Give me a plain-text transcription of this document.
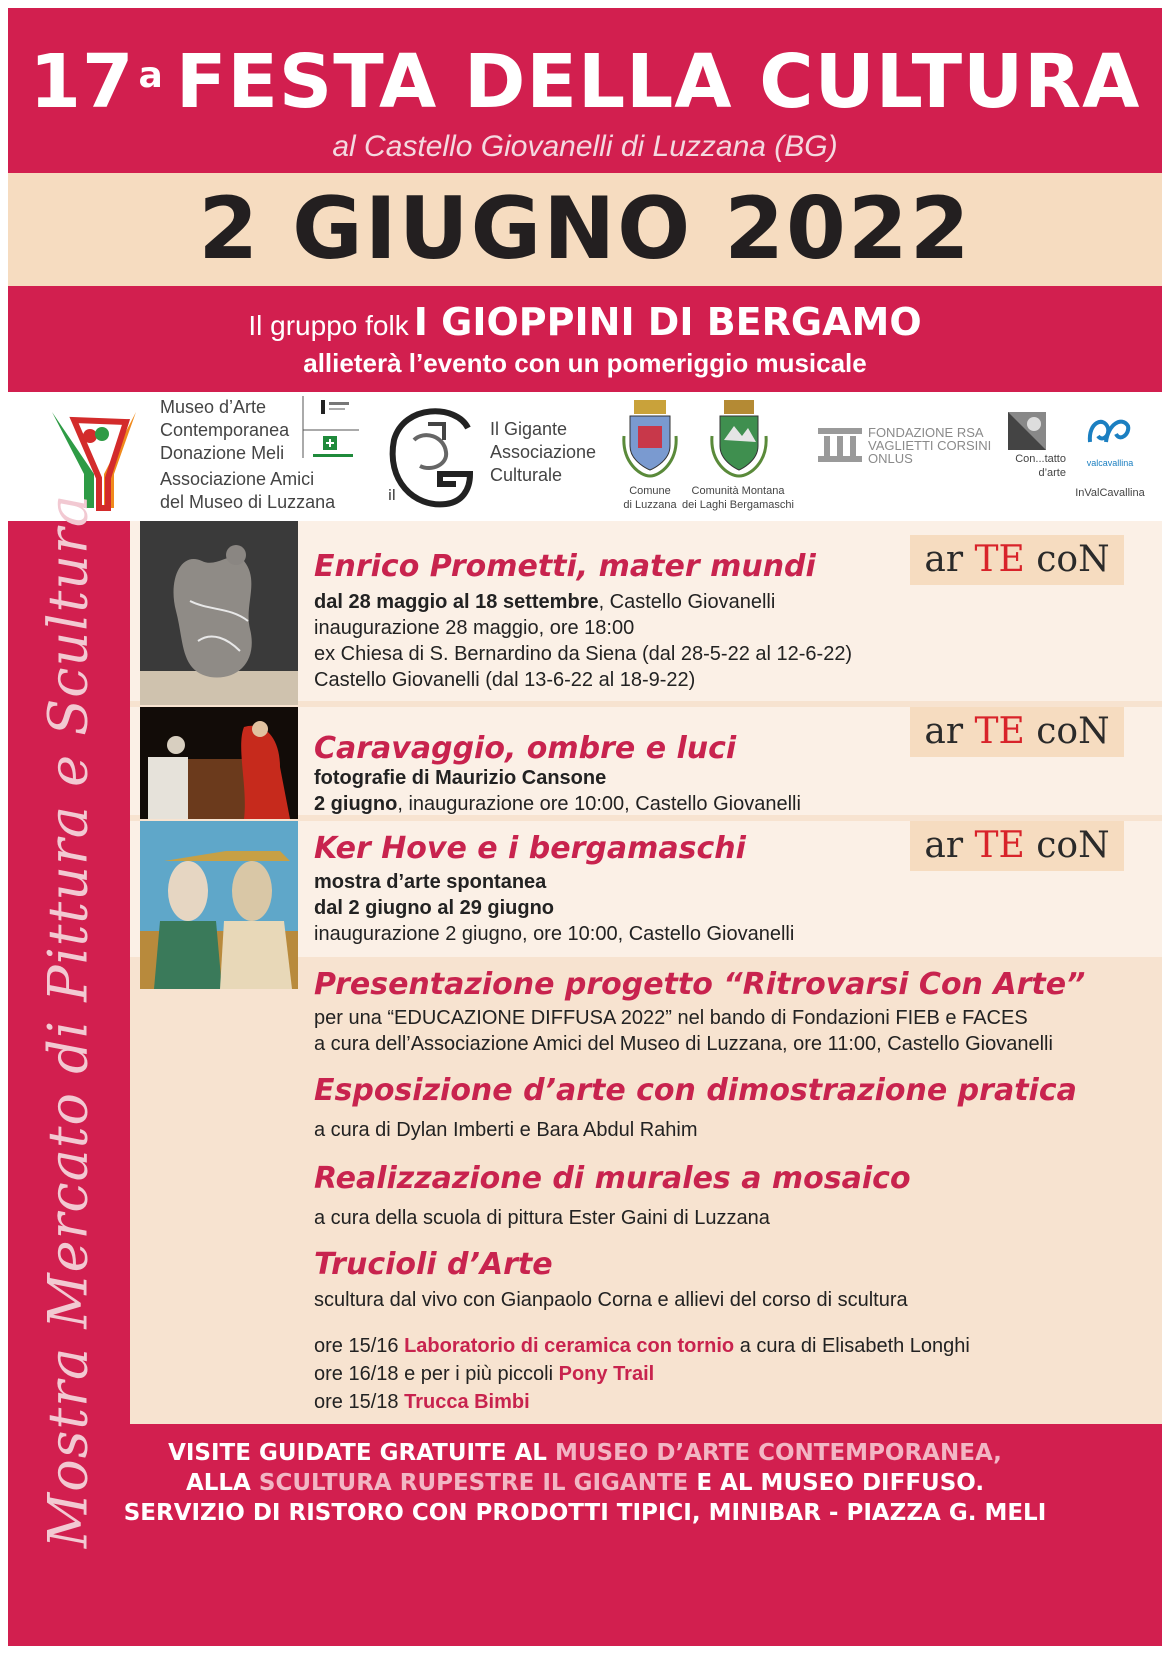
17 $^a$ FESTA DELLA CULTURA
al Castello Giovanelli di Luzzana (BG)
2 GIUGNO 2022
Il gruppo folk I GIOPPINI DI BERGAMO
allieterà l’evento con un pomeriggio musicale
Museo d’Arte
Contemporanea
Donazione Meli
Associazione Amici
del Museo di Luzzana	il
Il Gigante
Associazione
Culturale
Comune
di Luzzana
Comunità Montana
dei Laghi Bergamaschi
FONDAZIONE RSA
VAGLIETTI CORSINI
ONLUS	Con...tatto
d’arte
valcavallina
InValCavallina
Mostra Mercato di Pittura e Scultura	Enrico Prometti, mater mundi	ar TE coN
dal 28 maggio al 18 settembre, Castello Giovanelli
inaugurazione 28 maggio, ore 18:00
ex Chiesa di S. Bernardino da Siena (dal 28-5-22 al 12-6-22)
Castello Giovanelli (dal 13-6-22 al 18-9-22)
Caravaggio, ombre e luci	ar TE coN
fotografie di Maurizio Cansone
2 giugno, inaugurazione ore 10:00, Castello Giovanelli
Ker Hove e i bergamaschi	ar TE coN
mostra d’arte spontanea
dal 2 giugno al 29 giugno
inaugurazione 2 giugno, ore 10:00, Castello Giovanelli
Presentazione progetto “Ritrovarsi Con Arte”
per una “EDUCAZIONE DIFFUSA 2022” nel bando di Fondazioni FIEB e FACES
a cura dell’Associazione Amici del Museo di Luzzana, ore 11:00, Castello Giovanelli
Esposizione d’arte con dimostrazione pratica
a cura di Dylan Imberti e Bara Abdul Rahim
Realizzazione di murales a mosaico
a cura della scuola di pittura Ester Gaini di Luzzana
Trucioli d’Arte
scultura dal vivo con Gianpaolo Corna e allievi del corso di scultura
ore 15/16 Laboratorio di ceramica con tornio a cura di Elisabeth Longhi
ore 16/18 e per i più piccoli Pony Trail
ore 15/18 Trucca Bimbi
VISITE GUIDATE GRATUITE AL MUSEO D’ARTE CONTEMPORANEA,
ALLA SCULTURA RUPESTRE IL GIGANTE E AL MUSEO DIFFUSO.
SERVIZIO DI RISTORO CON PRODOTTI TIPICI, MINIBAR - PIAZZA G. MELI
